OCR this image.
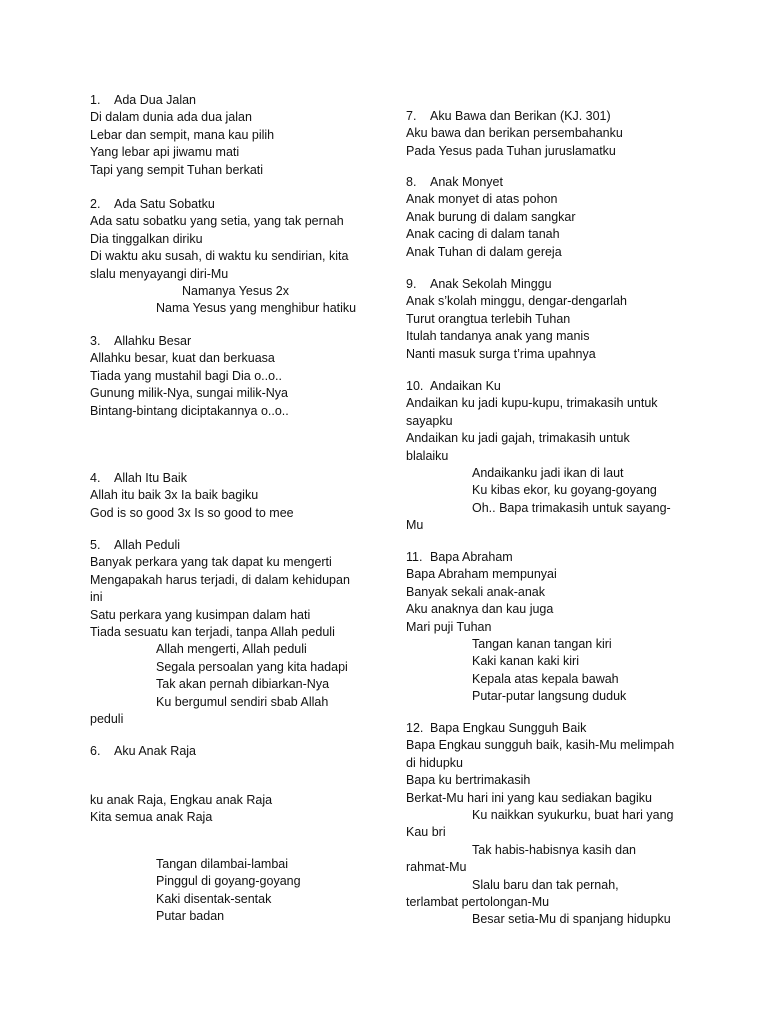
1. Ada Dua Jalan
Di dalam dunia ada dua jalan
Lebar dan sempit, mana kau pilih
Yang lebar api jiwamu mati
Tapi yang sempit Tuhan berkati
2. Ada Satu Sobatku
Ada satu sobatku yang setia, yang tak pernah
Dia tinggalkan diriku
Di waktu aku susah, di waktu ku sendirian, kita
slalu menyayangi diri-Mu
Namanya Yesus 2x
Nama Yesus yang menghibur hatiku
3. Allahku Besar
Allahku besar, kuat dan berkuasa
Tiada yang mustahil bagi Dia o..o..
Gunung milik-Nya, sungai milik-Nya
Bintang-bintang diciptakannya o..o..
4. Allah Itu Baik
Allah itu baik 3x Ia baik bagiku
God is so good 3x Is so good to mee
5. Allah Peduli
Banyak perkara yang tak dapat ku mengerti
Mengapakah harus terjadi, di dalam kehidupan
ini
Satu perkara yang kusimpan dalam hati
Tiada sesuatu kan terjadi, tanpa Allah peduli
Allah mengerti, Allah peduli
Segala persoalan yang kita hadapi
Tak akan pernah dibiarkan-Nya
Ku bergumul sendiri sbab Allah
peduli
6. Aku Anak Raja
ku anak Raja, Engkau anak Raja
Kita semua anak Raja
Tangan dilambai-lambai
Pinggul di goyang-goyang
Kaki disentak-sentak
Putar badan
7. Aku Bawa dan Berikan (KJ. 301)
Aku bawa dan berikan persembahanku
Pada Yesus pada Tuhan juruslamatku
8. Anak Monyet
Anak monyet di atas pohon
Anak burung di dalam sangkar
Anak cacing di dalam tanah
Anak Tuhan di dalam gereja
9. Anak Sekolah Minggu
Anak s’kolah minggu, dengar-dengarlah
Turut orangtua terlebih Tuhan
Itulah tandanya anak yang manis
Nanti masuk surga t’rima upahnya
10. Andaikan Ku
Andaikan ku jadi kupu-kupu, trimakasih untuk
sayapku
Andaikan ku jadi gajah, trimakasih untuk
blalaiku
Andaikanku jadi ikan di laut
Ku kibas ekor, ku goyang-goyang
Oh.. Bapa trimakasih untuk sayang-
Mu
11. Bapa Abraham
Bapa Abraham mempunyai
Banyak sekali anak-anak
Aku anaknya dan kau juga
Mari puji Tuhan
Tangan kanan tangan kiri
Kaki kanan kaki kiri
Kepala atas kepala bawah
Putar-putar langsung duduk
12. Bapa Engkau Sungguh Baik
Bapa Engkau sungguh baik, kasih-Mu melimpah
di hidupku
Bapa ku bertrimakasih
Berkat-Mu hari ini yang kau sediakan bagiku
Ku naikkan syukurku, buat hari yang
Kau bri
Tak habis-habisnya kasih dan
rahmat-Mu
Slalu baru dan tak pernah,
terlambat pertolongan-Mu
Besar setia-Mu di spanjang hidupku
